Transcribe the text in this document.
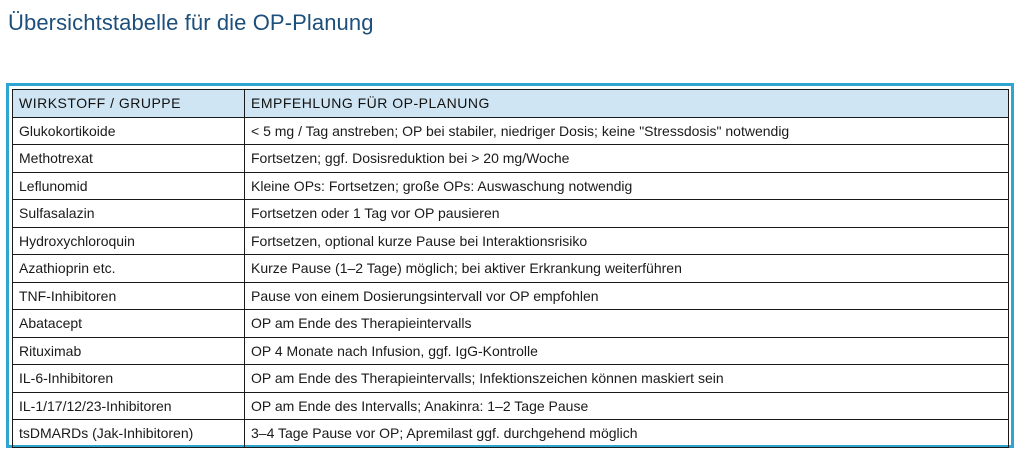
Übersichtstabelle für die OP-Planung
WIRKSTOFF / GRUPPE	EMPFEHLUNG FÜR OP-PLANUNG
Glukokortikoide	< 5 mg / Tag anstreben; OP bei stabiler, niedriger Dosis; keine "Stressdosis" notwendig
Methotrexat	Fortsetzen; ggf. Dosisreduktion bei > 20 mg/Woche
Leflunomid	Kleine OPs: Fortsetzen; große OPs: Auswaschung notwendig
Sulfasalazin	Fortsetzen oder 1 Tag vor OP pausieren
Hydroxychloroquin	Fortsetzen, optional kurze Pause bei Interaktionsrisiko
Azathioprin etc.	Kurze Pause (1–2 Tage) möglich; bei aktiver Erkrankung weiterführen
TNF-Inhibitoren	Pause von einem Dosierungsintervall vor OP empfohlen
Abatacept	OP am Ende des Therapieintervalls
Rituximab	OP 4 Monate nach Infusion, ggf. IgG-Kontrolle
IL-6-Inhibitoren	OP am Ende des Therapieintervalls; Infektionszeichen können maskiert sein
IL-1/17/12/23-Inhibitoren	OP am Ende des Intervalls; Anakinra: 1–2 Tage Pause
tsDMARDs (Jak-Inhibitoren)	3–4 Tage Pause vor OP; Apremilast ggf. durchgehend möglich
